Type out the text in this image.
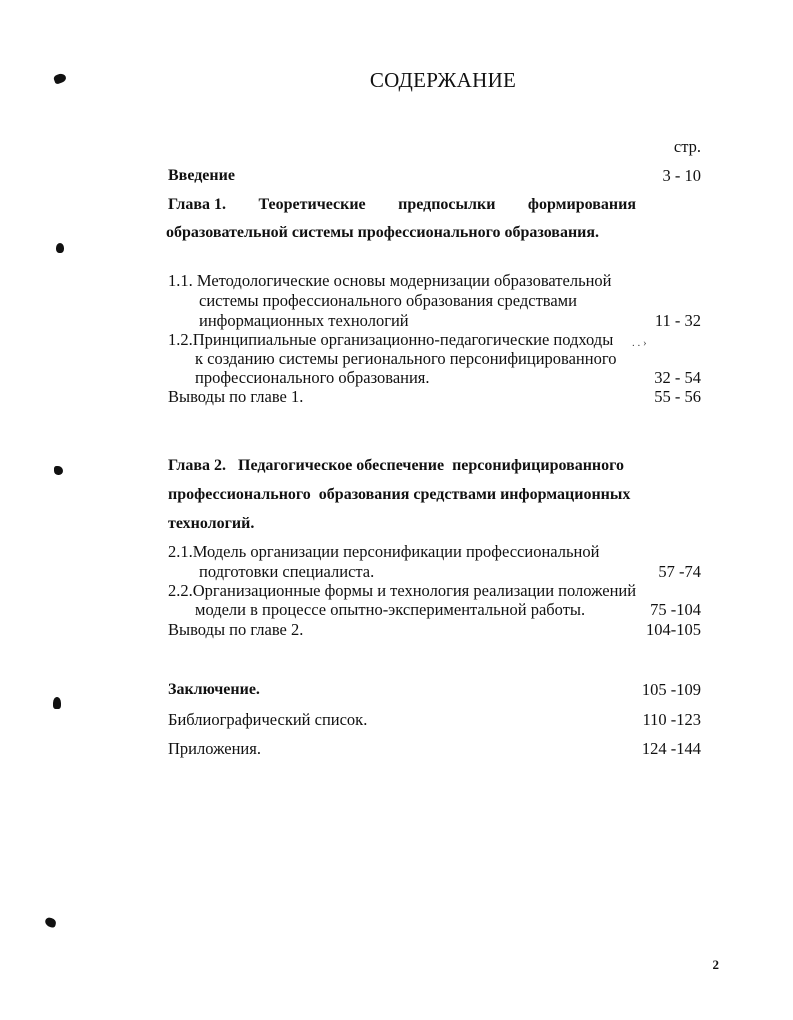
СОДЕРЖАНИЕ
стр.
Введение	3 - 10
Глава 1. Теоретические предпосылки формирования
образовательной системы профессионального образования.
1.1. Методологические основы модернизации образовательной
системы профессионального образования средствами
информационных технологий	11 - 32
1.2.Принципиальные организационно-педагогические подходы . . ›
к созданию системы регионального персонифицированного
профессионального образования.	32 - 54
Выводы по главе 1.	55 - 56
Глава 2.   Педагогическое обеспечение  персонифицированного
профессионального  образования средствами информационных
технологий.
2.1.Модель организации персонификации профессиональной
подготовки специалиста.	57 -74
2.2.Организационные формы и технология реализации положений
модели в процессе опытно-экспериментальной работы.	75 -104
Выводы по главе 2.	104-105
Заключение.	105 -109
Библиографический список.	110 -123
Приложения.	124 -144
2
